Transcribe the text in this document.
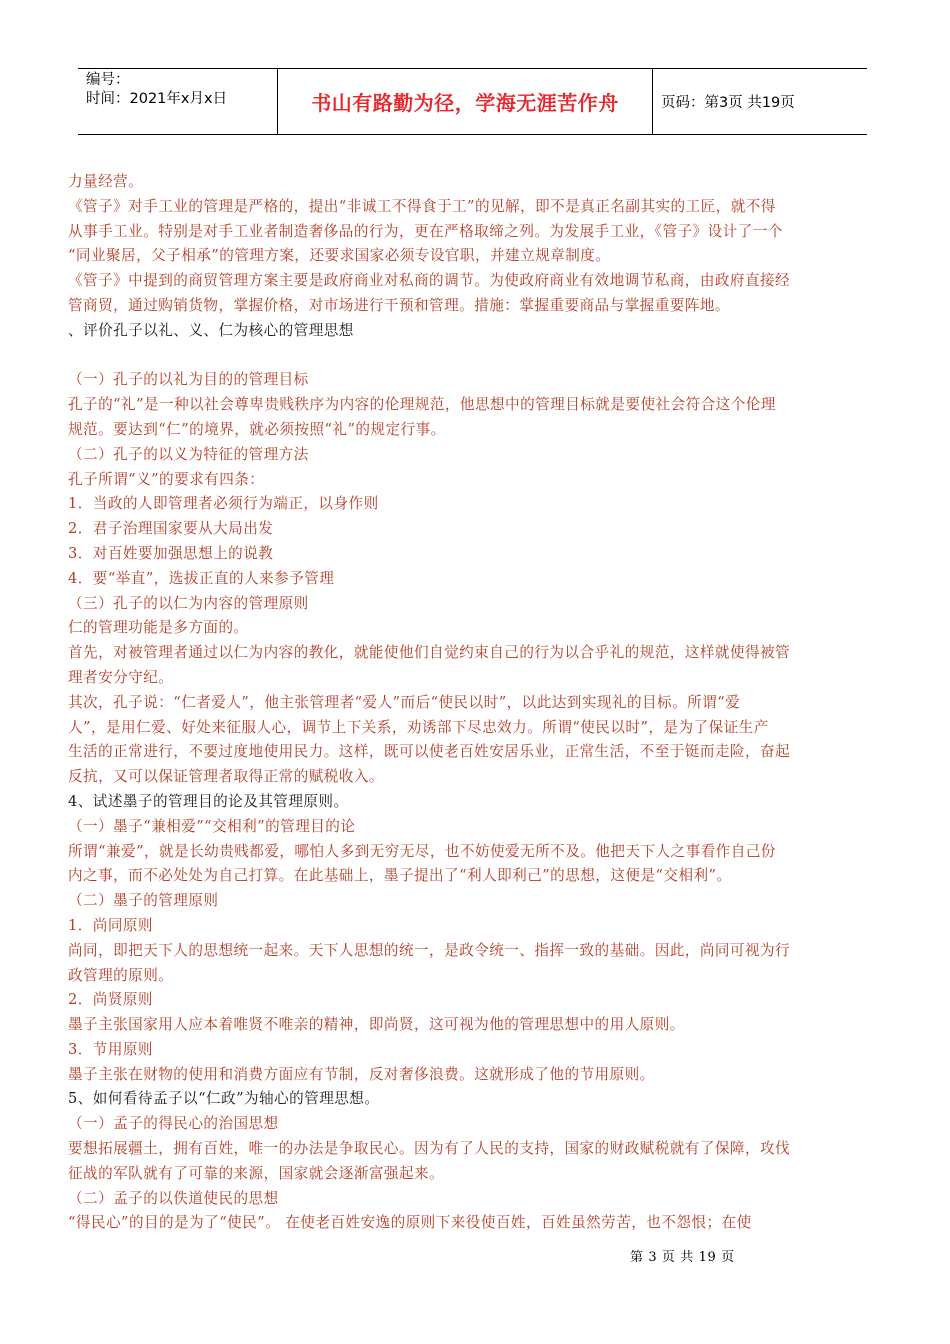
编号：
时间：2021年x月x日	书山有路勤为径，学海无涯苦作舟	页码：第3页 共19页
力量经营。
《管子》对手工业的管理是严格的，提出“非诚工不得食于工”的见解，即不是真正名副其实的工匠，就不得
从事手工业。特别是对手工业者制造奢侈品的行为，更在严格取缔之列。为发展手工业，《管子》设计了一个
“同业聚居，父子相承”的管理方案，还要求国家必须专设官职，并建立规章制度。
《管子》中提到的商贸管理方案主要是政府商业对私商的调节。为使政府商业有效地调节私商，由政府直接经
管商贸，通过购销货物，掌握价格，对市场进行干预和管理。措施：掌握重要商品与掌握重要阵地。
、评价孔子以礼、义、仁为核心的管理思想
（一）孔子的以礼为目的的管理目标
孔子的“礼”是一种以社会尊卑贵贱秩序为内容的伦理规范，他思想中的管理目标就是要使社会符合这个伦理
规范。要达到“仁”的境界，就必须按照“礼”的规定行事。
（二）孔子的以义为特征的管理方法
孔子所谓“义”的要求有四条：
1．当政的人即管理者必须行为端正，以身作则
2．君子治理国家要从大局出发
3．对百姓要加强思想上的说教
4．要“举直”，选拔正直的人来参予管理
（三）孔子的以仁为内容的管理原则
仁的管理功能是多方面的。
首先，对被管理者通过以仁为内容的教化，就能使他们自觉约束自己的行为以合乎礼的规范，这样就使得被管
理者安分守纪。
其次，孔子说：“仁者爱人”，他主张管理者“爱人”而后“使民以时”，以此达到实现礼的目标。所谓“爱
人”，是用仁爱、好处来征服人心，调节上下关系，劝诱部下尽忠效力。所谓“使民以时”，是为了保证生产
生活的正常进行，不要过度地使用民力。这样，既可以使老百姓安居乐业，正常生活，不至于铤而走险，奋起
反抗，又可以保证管理者取得正常的赋税收入。
4、试述墨子的管理目的论及其管理原则。
（一）墨子“兼相爱”“交相利”的管理目的论
所谓“兼爱”，就是长幼贵贱都爱，哪怕人多到无穷无尽，也不妨使爱无所不及。他把天下人之事看作自己份
内之事，而不必处处为自己打算。在此基础上，墨子提出了“利人即利己”的思想，这便是“交相利”。
（二）墨子的管理原则
1．尚同原则
尚同，即把天下人的思想统一起来。天下人思想的统一，是政令统一、指挥一致的基础。因此，尚同可视为行
政管理的原则。
2．尚贤原则
墨子主张国家用人应本着唯贤不唯亲的精神，即尚贤，这可视为他的管理思想中的用人原则。
3．节用原则
墨子主张在财物的使用和消费方面应有节制，反对奢侈浪费。这就形成了他的节用原则。
5、如何看待孟子以“仁政”为轴心的管理思想。
（一）孟子的得民心的治国思想
要想拓展疆土，拥有百姓，唯一的办法是争取民心。因为有了人民的支持，国家的财政赋税就有了保障，攻伐
征战的军队就有了可靠的来源，国家就会逐渐富强起来。
（二）孟子的以佚道使民的思想
“得民心”的目的是为了“使民”。 在使老百姓安逸的原则下来役使百姓，百姓虽然劳苦，也不怨恨；在使
第 3 页 共 19 页
